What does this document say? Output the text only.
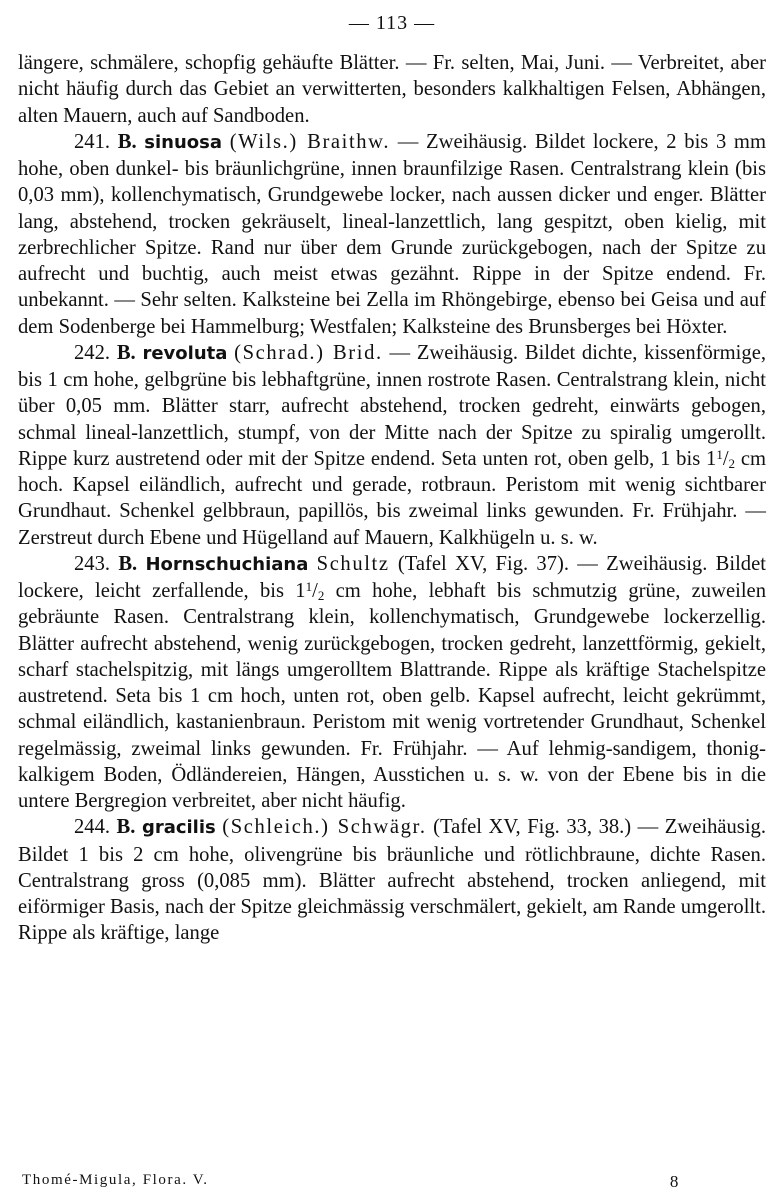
— 113 —

längere, schmälere, schopfig gehäufte Blätter. — Fr. selten, Mai, Juni. — Verbreitet, aber nicht häufig durch das Gebiet an verwitterten, besonders kalkhaltigen Felsen, Abhängen, alten Mauern, auch auf Sandboden.

241. B. sinuosa (Wils.) Braithw. — Zweihäusig. Bildet lockere, 2 bis 3 mm hohe, oben dunkel- bis bräunlichgrüne, innen braunfilzige Rasen. Centralstrang klein (bis 0,03 mm), kollenchymatisch, Grundgewebe locker, nach aussen dicker und enger. Blätter lang, abstehend, trocken gekräuselt, lineal-lanzettlich, lang gespitzt, oben kielig, mit zerbrechlicher Spitze. Rand nur über dem Grunde zurückgebogen, nach der Spitze zu aufrecht und buchtig, auch meist etwas gezähnt. Rippe in der Spitze endend. Fr. unbekannt. — Sehr selten. Kalksteine bei Zella im Rhöngebirge, ebenso bei Geisa und auf dem Sodenberge bei Hammelburg; Westfalen; Kalksteine des Brunsberges bei Höxter.

242. B. revoluta (Schrad.) Brid. — Zweihäusig. Bildet dichte, kissenförmige, bis 1 cm hohe, gelbgrüne bis lebhaftgrüne, innen rostrote Rasen. Centralstrang klein, nicht über 0,05 mm. Blätter starr, aufrecht abstehend, trocken gedreht, einwärts gebogen, schmal lineal-lanzettlich, stumpf, von der Mitte nach der Spitze zu spiralig umgerollt. Rippe kurz austretend oder mit der Spitze endend. Seta unten rot, oben gelb, 1 bis $1^1/_2$ cm hoch. Kapsel eiländlich, aufrecht und gerade, rotbraun. Peristom mit wenig sichtbarer Grundhaut. Schenkel gelbbraun, papillös, bis zweimal links gewunden. Fr. Frühjahr. — Zerstreut durch Ebene und Hügelland auf Mauern, Kalkhügeln u. s. w.

243. B. Hornschuchiana Schultz (Tafel XV, Fig. 37). — Zweihäusig. Bildet lockere, leicht zerfallende, bis $1^1/_2$ cm hohe, lebhaft bis schmutzig grüne, zuweilen gebräunte Rasen. Centralstrang klein, kollenchymatisch, Grundgewebe lockerzellig. Blätter aufrecht abstehend, wenig zurückgebogen, trocken gedreht, lanzettförmig, gekielt, scharf stachelspitzig, mit längs umgerolltem Blattrande. Rippe als kräftige Stachelspitze austretend. Seta bis 1 cm hoch, unten rot, oben gelb. Kapsel aufrecht, leicht gekrümmt, schmal eiländlich, kastanienbraun. Peristom mit wenig vortretender Grundhaut, Schenkel regelmässig, zweimal links gewunden. Fr. Frühjahr. — Auf lehmig-sandigem, thonig-kalkigem Boden, Ödländereien, Hängen, Ausstichen u. s. w. von der Ebene bis in die untere Bergregion verbreitet, aber nicht häufig.

244. B. gracilis (Schleich.) Schwägr. (Tafel XV, Fig. 33, 38.) — Zweihäusig. Bildet 1 bis 2 cm hohe, olivengrüne bis bräunliche und rötlichbraune, dichte Rasen. Centralstrang gross (0,085 mm). Blätter aufrecht abstehend, trocken anliegend, mit eiförmiger Basis, nach der Spitze gleichmässig verschmälert, gekielt, am Rande umgerollt. Rippe als kräftige, lange

Thomé-Migula, Flora. V.	8
